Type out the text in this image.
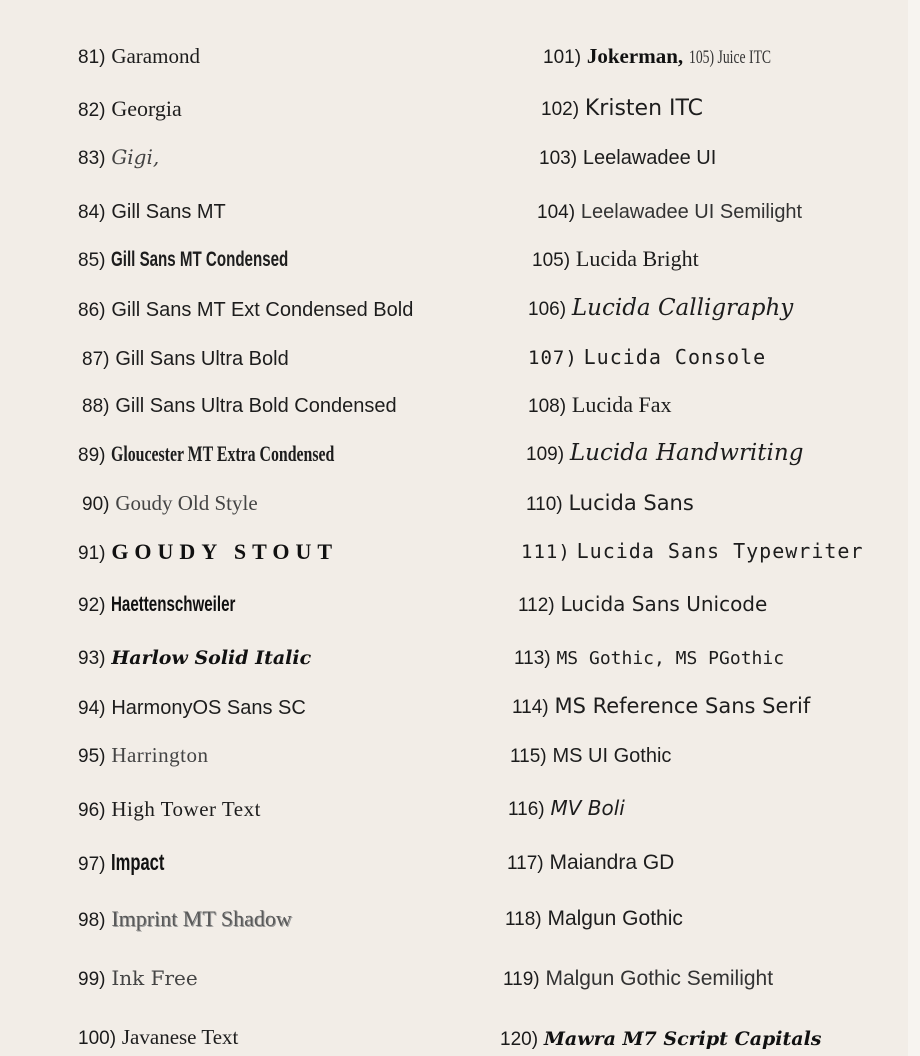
81) Garamond
82) Georgia
83) Gigi,
84) Gill Sans MT
85) Gill Sans MT Condensed
86) Gill Sans MT Ext Condensed Bold
87) Gill Sans Ultra Bold
88) Gill Sans Ultra Bold Condensed
89) Gloucester MT Extra Condensed
90) Goudy Old Style
91) GOUDY STOUT
92) Haettenschweiler
93) Harlow Solid Italic
94) HarmonyOS Sans SC
95) Harrington
96) High Tower Text
97) Impact
98) Imprint MT Shadow
99) Ink Free
100) Javanese Text
101) Jokerman, 105) Juice ITC
102) Kristen ITC
103) Leelawadee UI
104) Leelawadee UI Semilight
105) Lucida Bright
106) Lucida Calligraphy
107) Lucida Console
108) Lucida Fax
109) Lucida Handwriting
110) Lucida Sans
111) Lucida Sans Typewriter
112) Lucida Sans Unicode
113) MS Gothic, MS PGothic
114) MS Reference Sans Serif
115) MS UI Gothic
116) MV Boli
117) Maiandra GD
118) Malgun Gothic
119) Malgun Gothic Semilight
120) Mawra M7 Script Capitals
